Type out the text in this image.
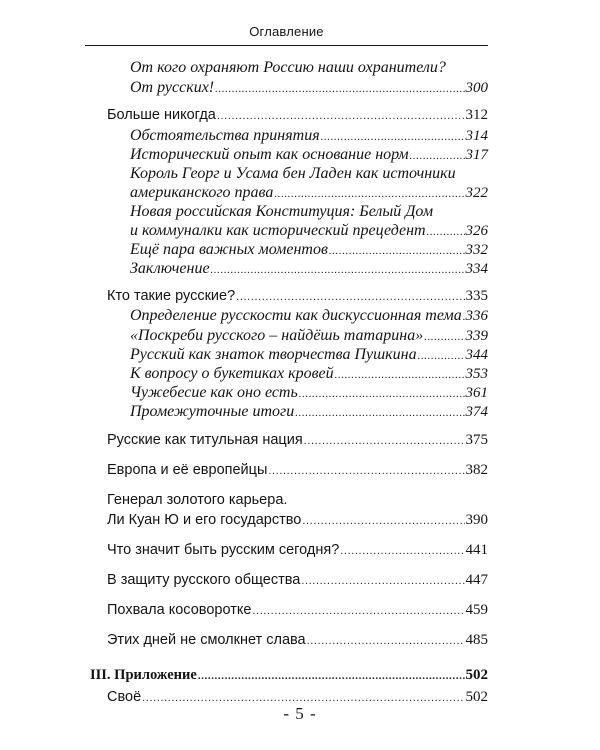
Оглавление
От кого охраняют Россию наши охранители?
От русских! .....	300
Больше никогда .....	312
Обстоятельства принятия .....	314
Исторический опыт как основание норм .....	317
Король Георг и Усама бен Ладен как источники
американского права .....	322
Новая российская Конституция: Белый Дом
и коммуналки как исторический прецедент .....	326
Ещё пара важных моментов .....	332
Заключение .....	334
Кто такие русские? .....	335
Определение русскости как дискуссионная тема ..... 336
«Поскреби русского – найдёшь татарина» .....	339
Русский как знаток творчества Пушкина .....	344
К вопросу о букетиках кровей .....	353
Чужебесие как оно есть .....	361
Промежуточные итоги .....	374
Русские как титульная нация .....	375
Европа и её европейцы .....	382
Генерал золотого карьера.
Ли Куан Ю и его государство .....	390
Что значит быть русским сегодня? .....	441
В защиту русского общества .....	447
Похвала косоворотке .....	459
Этих дней не смолкнет слава .....	485
III. Приложение .....	502
Своё .....	502
- 5 -
